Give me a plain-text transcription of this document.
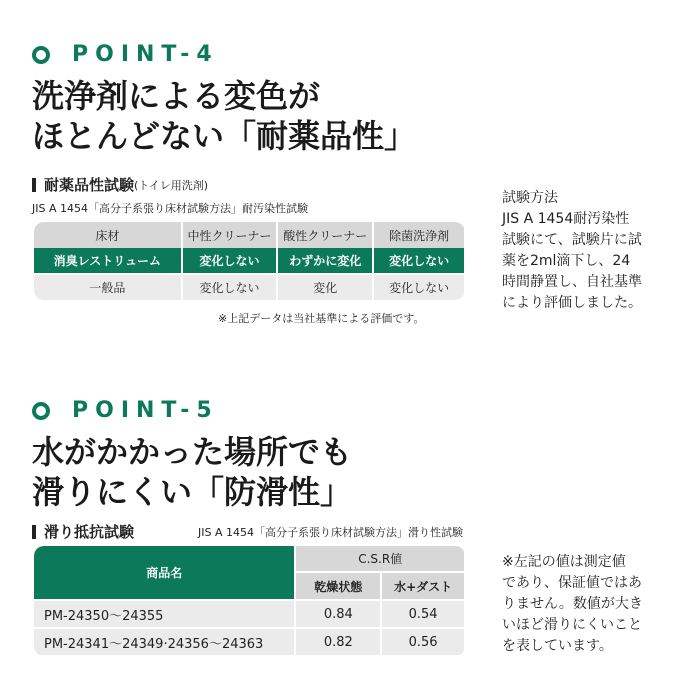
POINT-4
洗浄剤による変色が
ほとんどない「耐薬品性」
耐薬品性試験 (トイレ用洗剤)
JIS A 1454「高分子系張り床材試験方法」耐汚染性試験
床材	中性クリーナー	酸性クリーナー	除菌洗浄剤
消臭レストリューム	変化しない	わずかに変化	変化しない
一般品	変化しない	変化	変化しない
※上記データは当社基準による評価です。
試験方法
JIS A 1454耐汚染性
試験にて、試験片に試
薬を2ml滴下し、24
時間静置し、自社基準
により評価しました。
POINT-5
水がかかった場所でも
滑りにくい「防滑性」
滑り抵抗試験	JIS A 1454「高分子系張り床材試験方法」滑り性試験
商品名	C.S.R値	
	乾燥状態	水+ダスト
PM-24350〜24355	0.84	0.54
PM-24341〜24349·24356〜24363	0.82	0.56
※左記の値は測定値
であり、保証値ではあ
りません。数値が大き
いほど滑りにくいこと
を表しています。
